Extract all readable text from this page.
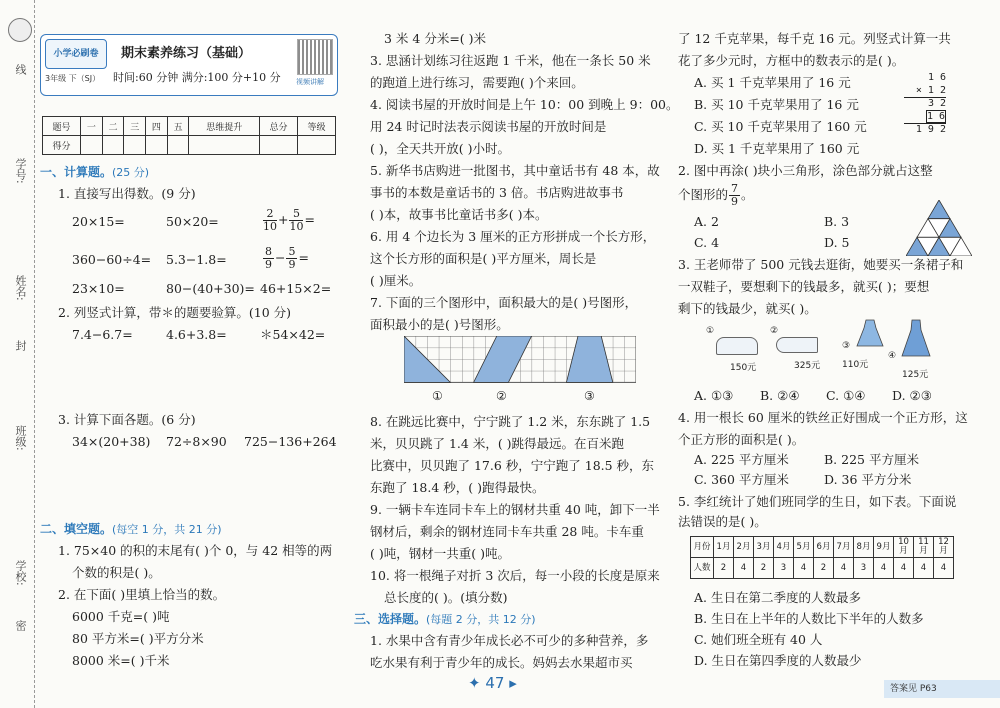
线
学号:
姓名:
封
班级:
学校:
密
小学必刷卷
3年级 下（SJ）
期末素养练习（基础）
时间:60 分钟 满分:100 分+10 分 视频讲解
题号	一	二	三	四	五	思维提升	总分	等级
得分								
一、计算题。(25 分)
1. 直接写出得数。(9 分)
20×15=	50×20=	$\frac{2}{10} + \frac{5}{10}$ =
360−60÷4= 5.3−1.8=	$\frac{8}{9} - \frac{5}{9}$ =
23×10=	80−(40+30)= 46+15×2=
2. 列竖式计算，带＊的题要验算。(10 分)
7.4−6.7=	4.6+3.8=	＊54×42=
3. 计算下面各题。(6 分)
34×(20+38) 72÷8×90 725−136+264
二、填空题。(每空 1 分，共 21 分)
1. 75×40 的积的末尾有( )个 0，与 42 相等的两
个数的积是( )。
2. 在下面( )里填上恰当的数。
6000 千克=( )吨
80 平方米=( )平方分米
8000 米=( )千米
3 米 4 分米=( )米
3. 思涵计划练习往返跑 1 千米，他在一条长 50 米
的跑道上进行练习，需要跑( )个来回。
4. 阅读书屋的开放时间是上午 10：00 到晚上 9：00。
用 24 时记时法表示阅读书屋的开放时间是
( )，全天共开放( )小时。
5. 新华书店购进一批图书，其中童话书有 48 本，故
事书的本数是童话书的 3 倍。书店购进故事书
( )本，故事书比童话书多( )本。
6. 用 4 个边长为 3 厘米的正方形拼成一个长方形，
这个长方形的面积是( )平方厘米，周长是
( )厘米。
7. 下面的三个图形中，面积最大的是( )号图形，
面积最小的是( )号图形。
①	②	③
8. 在跳远比赛中，宁宁跳了 1.2 米，东东跳了 1.5
米，贝贝跳了 1.4 米，( )跳得最远。在百米跑
比赛中，贝贝跑了 17.6 秒，宁宁跑了 18.5 秒，东
东跑了 18.4 秒，( )跑得最快。
9. 一辆卡车连同卡车上的钢材共重 40 吨，卸下一半
钢材后，剩余的钢材连同卡车共重 28 吨。卡车重
( )吨，钢材一共重( )吨。
10. 将一根绳子对折 3 次后，每一小段的长度是原来
总长度的( )。(填分数)
三、选择题。(每题 2 分，共 12 分)
1. 水果中含有青少年成长必不可少的多种营养，多
吃水果有利于青少年的成长。妈妈去水果超市买
了 12 千克苹果，每千克 16 元。列竖式计算一共
花了多少元时，方框中的数表示的是( )。
A. 买 1 千克苹果用了 16 元
B. 买 10 千克苹果用了 16 元
C. 买 10 千克苹果用了 160 元
D. 买 1 千克苹果用了 160 元
1 6
× 1 2
3 2
1 6
1 9 2
2. 图中再涂( )块小三角形，涂色部分就占这整
个图形的 $\frac{7}{9}$ 。
A. 2	B. 3
C. 4	D. 5
3. 王老师带了 500 元钱去逛街，她要买一条裙子和
一双鞋子，要想剩下的钱最多，就买( )；要想
剩下的钱最少，就买( )。
①
150元
②
325元
③  110元
④  125元
A. ①③ B. ②④ C. ①④ D. ②③
4. 用一根长 60 厘米的铁丝正好围成一个正方形，这
个正方形的面积是( )。
A. 225 平方厘米	B. 225 平方厘米
C. 360 平方厘米	D. 36 平方分米
5. 李红统计了她们班同学的生日，如下表。下面说
法错误的是( )。
月份	1月	2月	3月	4月	5月	6月	7月	8月	9月	10月	11月	12月
人数	2	4	2	3	4	2	4	3	4	4	4	4
A. 生日在第二季度的人数最多
B. 生日在上半年的人数比下半年的人数多
C. 她们班全班有 40 人
D. 生日在第四季度的人数最少
✦ 47 ▸	答案见 P63
